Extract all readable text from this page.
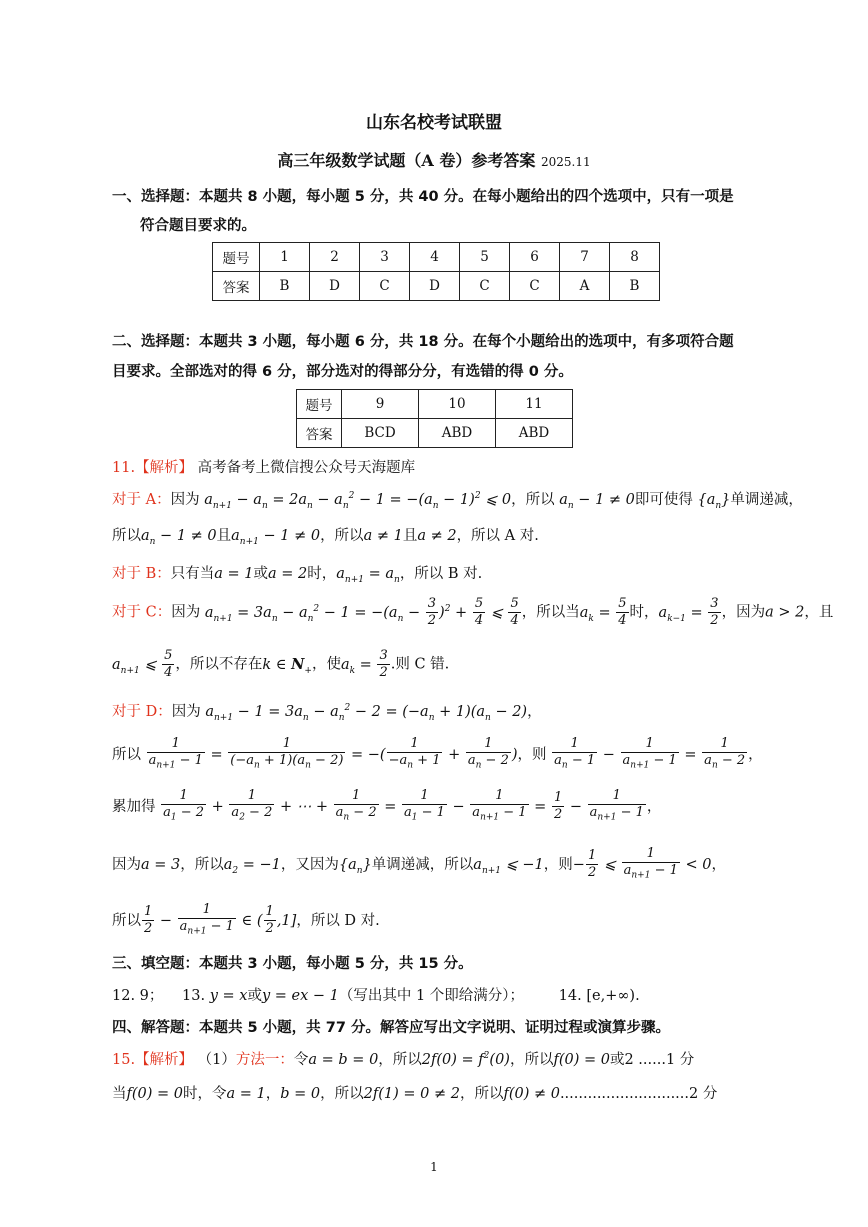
山东名校考试联盟
高三年级数学试题（A 卷）参考答案 2025.11
一、选择题：本题共 8 小题，每小题 5 分，共 40 分。在每小题给出的四个选项中，只有一项是
符合题目要求的。
题号	1	2	3	4	5	6	7	8
答案	B	D	C	D	C	C	A	B
二、选择题：本题共 3 小题，每小题 6 分，共 18 分。在每个小题给出的选项中，有多项符合题
目要求。全部选对的得 6 分，部分选对的得部分分，有选错的得 0 分。
题号	9	10	11
答案	BCD	ABD	ABD
11.【解析】 高考备考上微信搜公众号天海题库
对于 A：因为 $a_{n+1} - a_n = 2a_n - a_n^2 - 1 = -(a_n - 1)^2$ ⩽ 0，所以 $a_n - 1 \ne 0$即可使得 $\{a_n\}$单调递减，
所以$a_n - 1 \ne 0$且$a_{n+1} - 1 \ne 0$，所以a ≠ 1且a ≠ 2，所以 A 对.
对于 B：只有当a = 1或a = 2时，$a_{n+1} = a_n$，所以 B 对.
对于 C：因为 $a_{n+1} = 3a_n - a_n^2 - 1 = -(a_n - \frac{3}{2} )^2 + \frac{5}{4}$ ⩽ $\frac{5}{4}$ ，所以当$a_k = \frac{5}{4}$ 时，$a_{k-1} = \frac{3}{2}$ ，因为a > 2，且
$a_{n+1}$ ⩽ $\frac{5}{4}$ ，所以不存在k ∈ $N_+$，使$a_k = \frac{3}{2}$ .则 C 错.
对于 D：因为 $a_{n+1} - 1 = 3a_n - a_n^2 - 2 = (-a_n + 1)(a_n - 2)$，
所以 $\frac{1}{a_{n+1} - 1} = \frac{1}{(-a_n + 1)(a_n - 2)}$ = −( $\frac{1}{-a_n + 1} + \frac{1}{a_n - 2}$ )，则 $\frac{1}{a_n - 1} - \frac{1}{a_{n+1} - 1} = \frac{1}{a_n - 2}$ ，
累加得 $\frac{1}{a_1 - 2} + \frac{1}{a_2 - 2}$ + ⋯ + $\frac{1}{a_n - 2} = \frac{1}{a_1 - 1} - \frac{1}{a_{n+1} - 1} = \frac{1}{2} - \frac{1}{a_{n+1} - 1}$ ，
因为a = 3，所以$a_2 = -1$，又因为$\{a_n\}$单调递减，所以$a_{n+1}$ ⩽ −1，则− $\frac{1}{2}$ ⩽ $\frac{1}{a_{n+1} - 1} < 0$，
所以 $\frac{1}{2} - \frac{1}{a_{n+1} - 1}$ ∈ ( $\frac{1}{2} ,1$]，所以 D 对.
三、填空题：本题共 3 小题，每小题 5 分，共 15 分。
12. 9； 13. y = x或y = ex − 1（写出其中 1 个即给满分）； 14. [e,+∞).
四、解答题：本题共 5 小题，共 77 分。解答应写出文字说明、证明过程或演算步骤。
15.【解析】 （1）方法一：令a = b = 0，所以$2f(0) = f^2(0)$，所以f(0) = 0或2 ......1 分
当f(0) = 0时，令a = 1，b = 0，所以2f(1) = 0 ≠ 2，所以f(0) ≠ 0............................2 分
1
